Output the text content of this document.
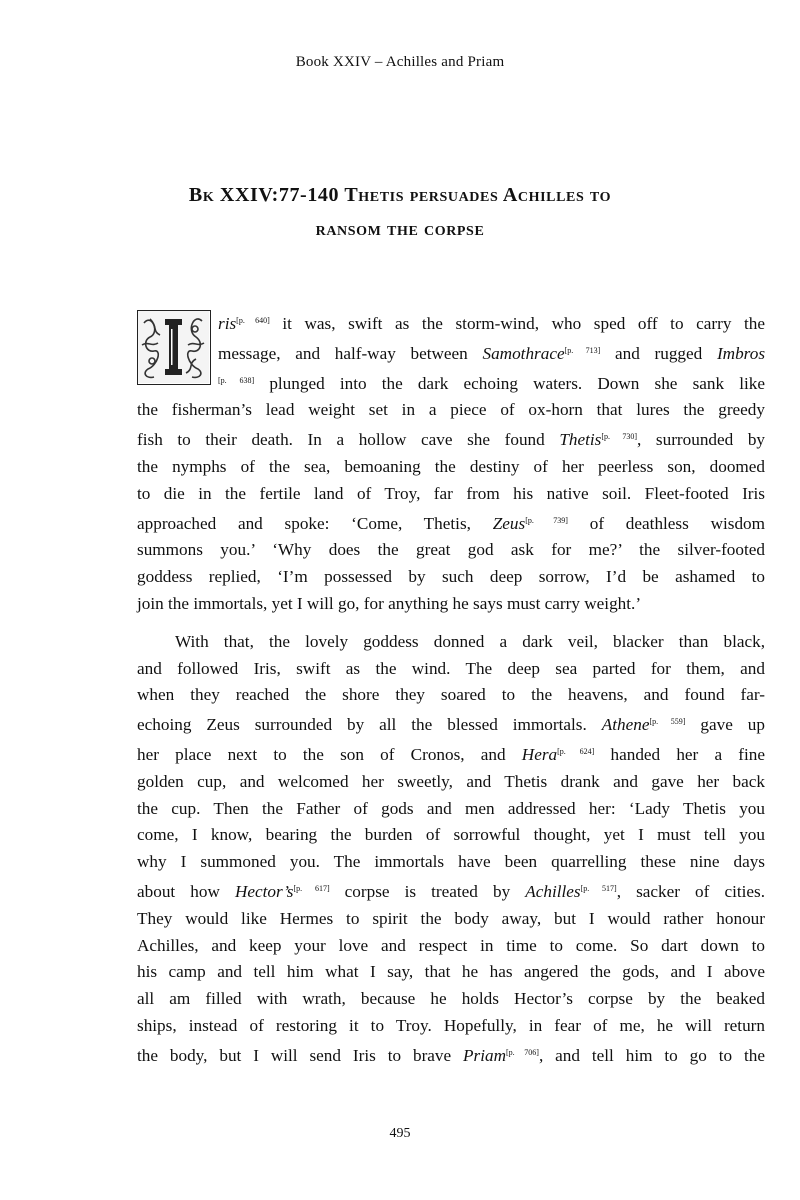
Book XXIV – Achilles and Priam
Bk XXIV:77-140 Thetis persuades Achilles to
ransom the corpse
ris[p. 640] it was, swift as the storm-wind, who sped off to carry the
message, and half-way between Samothrace[p. 713] and rugged Imbros
[p. 638] plunged into the dark echoing waters. Down she sank like
the fisherman’s lead weight set in a piece of ox-horn that lures the greedy
fish to their death. In a hollow cave she found Thetis[p. 730], surrounded by
the nymphs of the sea, bemoaning the destiny of her peerless son, doomed
to die in the fertile land of Troy, far from his native soil. Fleet-footed Iris
approached and spoke: ‘Come, Thetis, Zeus[p. 739] of deathless wisdom
summons you.’ ‘Why does the great god ask for me?’ the silver-footed
goddess replied, ‘I’m possessed by such deep sorrow, I’d be ashamed to
join the immortals, yet I will go, for anything he says must carry weight.’
With that, the lovely goddess donned a dark veil, blacker than black,
and followed Iris, swift as the wind. The deep sea parted for them, and
when they reached the shore they soared to the heavens, and found far-
echoing Zeus surrounded by all the blessed immortals. Athene[p. 559] gave up
her place next to the son of Cronos, and Hera[p. 624] handed her a fine
golden cup, and welcomed her sweetly, and Thetis drank and gave her back
the cup. Then the Father of gods and men addressed her: ‘Lady Thetis you
come, I know, bearing the burden of sorrowful thought, yet I must tell you
why I summoned you. The immortals have been quarrelling these nine days
about how Hector’s[p. 617] corpse is treated by Achilles[p. 517], sacker of cities.
They would like Hermes to spirit the body away, but I would rather honour
Achilles, and keep your love and respect in time to come. So dart down to
his camp and tell him what I say, that he has angered the gods, and I above
all am filled with wrath, because he holds Hector’s corpse by the beaked
ships, instead of restoring it to Troy. Hopefully, in fear of me, he will return
the body, but I will send Iris to brave Priam[p. 706], and tell him to go to the
495
